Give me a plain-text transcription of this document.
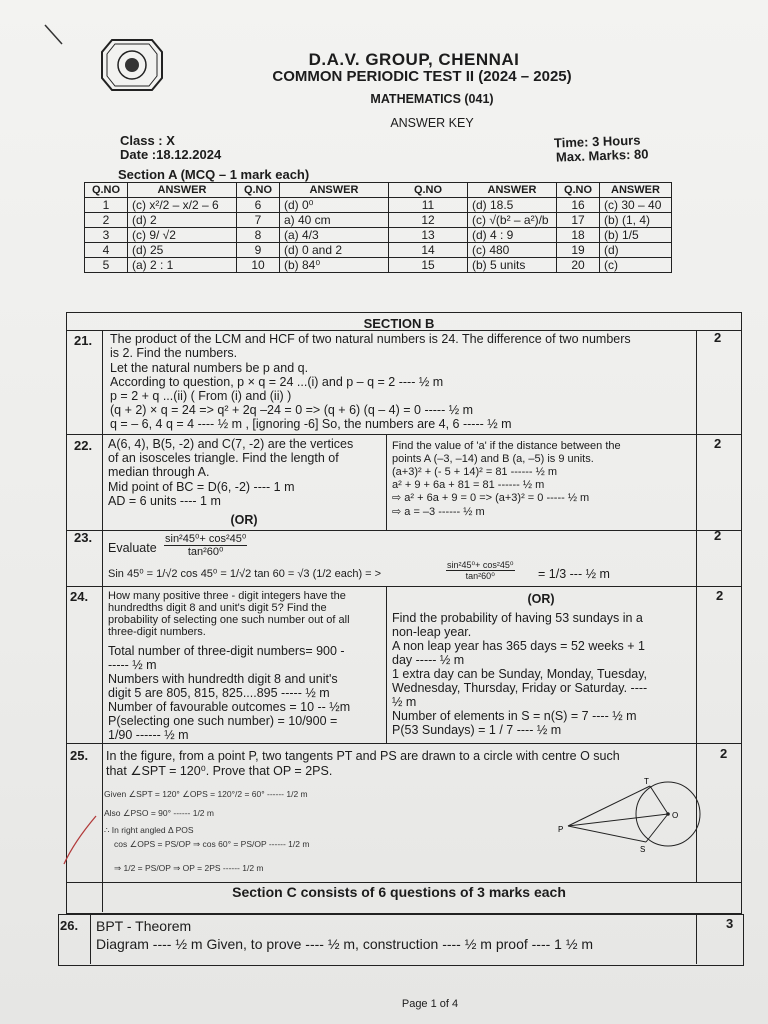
D.A.V. GROUP, CHENNAI
COMMON PERIODIC TEST II (2024 – 2025)
MATHEMATICS (041)
ANSWER KEY
Class : X
Date :18.12.2024
Time: 3 Hours
Max. Marks: 80
Section A (MCQ – 1 mark each)
Q.NO	ANSWER	Q.NO	ANSWER	Q.NO	ANSWER	Q.NO	ANSWER
1	(c) x²/2 – x/2 – 6	6	(d) 0⁰	11	(d) 18.5	16	(c) 30 – 40
2	(d) 2	7	a) 40 cm	12	(c) √(b² – a²)/b	17	(b) (1, 4)
3	(c) 9/ √2	8	(a) 4/3	13	(d) 4 : 9	18	(b) 1/5
4	(d) 25	9	(d) 0 and 2	14	(c) 480	19	(d)
5	(a) 2 : 1	10	(b) 84⁰	15	(b) 5 units	20	(c)
SECTION B
21.	2
The product of the LCM and HCF of two natural numbers is 24. The difference of two numbers
is 2. Find the numbers.
Let the natural numbers be p and q.
According to question, p × q = 24 ...(i) and p – q = 2 ---- ½ m
p = 2 + q ...(ii) ( From (i) and (ii) )
(q + 2) × q = 24 => q² + 2q –24 = 0 => (q + 6) (q – 4) = 0 ----- ½ m
q = – 6, 4 q = 4 ---- ½ m , [ignoring -6] So, the numbers are 4, 6 ----- ½ m
22.	2
A(6, 4), B(5, -2) and C(7, -2) are the vertices
of an isosceles triangle. Find the length of
median through A.
Mid point of BC = D(6, -2) ---- 1 m
AD = 6 units ---- 1 m
(OR)
Find the value of 'a' if the distance between the
points A (–3, –14) and B (a, –5) is 9 units.
(a+3)² + (- 5 + 14)² = 81 ------ ½ m
a² + 9 + 6a + 81 = 81 ------ ½ m
⇨ a² + 6a + 9 = 0 => (a+3)² = 0 ----- ½ m
⇨ a = –3 ------ ½ m
23.	2
Evaluate $\frac{\text{sin²45⁰+ cos²45⁰}}{\text{tan²60⁰}}$
Sin 45⁰ = 1/√2 cos 45⁰ = 1/√2 tan 60 = √3 (1/2 each) = >	$\frac{\text{sin²45⁰+ cos²45⁰}}{\text{tan²60⁰}} = 1/3$ --- ½ m
24.	2
How many positive three - digit integers have the
hundredths digit 8 and unit's digit 5? Find the
probability of selecting one such number out of all
three-digit numbers.
Total number of three-digit numbers= 900 -
----- ½ m
Numbers with hundredth digit 8 and unit's
digit 5 are 805, 815, 825....895 ----- ½ m
Number of favourable outcomes = 10 -- ½m
P(selecting one such number) = 10/900 =
1/90 ------ ½ m
(OR)
Find the probability of having 53 sundays in a
non-leap year.
A non leap year has 365 days = 52 weeks + 1
day ----- ½ m
1 extra day can be Sunday, Monday, Tuesday,
Wednesday, Thursday, Friday or Saturday. ----
½ m
Number of elements in S = n(S) = 7 ---- ½ m
P(53 Sundays) = 1 / 7 ---- ½ m
25.	2
In the figure, from a point P, two tangents PT and PS are drawn to a circle with centre O such
that ∠SPT = 120⁰. Prove that OP = 2PS.
Given ∠SPT = 120° ∠OPS = 120°/2 = 60° ------ 1/2 m
Also ∠PSO = 90° ------ 1/2 m
∴ In right angled Δ POS
cos ∠OPS = PS/OP ⇒ cos 60° = PS/OP ------ 1/2 m
⇒ 1/2 = PS/OP ⇒ OP = 2PS ------ 1/2 m
P
T
S
O
Section C consists of 6 questions of 3 marks each
26.	3
BPT - Theorem
Diagram ---- ½ m Given, to prove ---- ½ m, construction ---- ½ m proof ---- 1 ½ m
Page 1 of 4
